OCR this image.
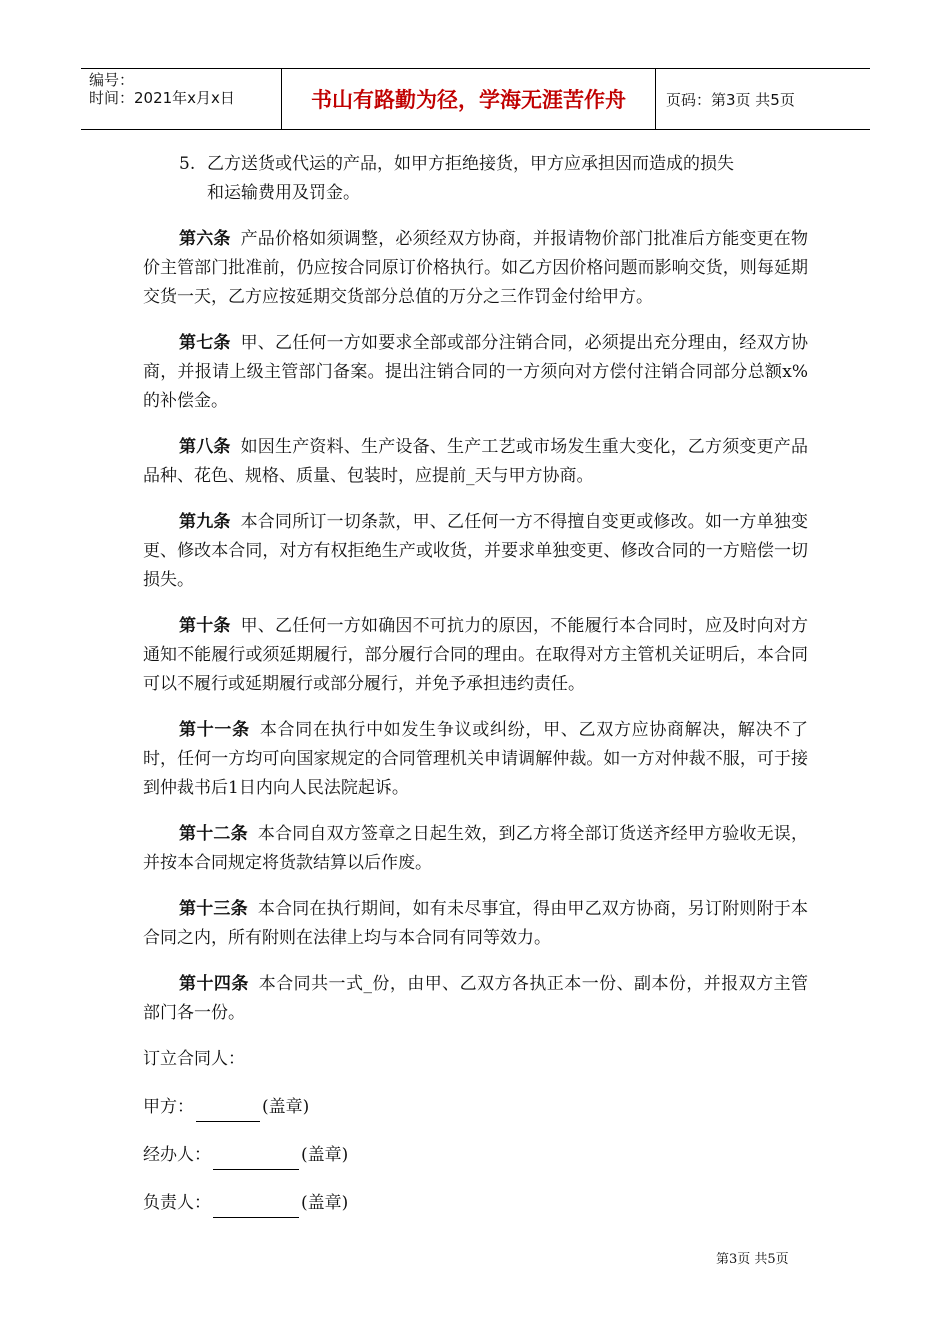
编号：
时间：2021年x月x日	书山有路勤为径，学海无涯苦作舟	页码：第3页 共5页
5. 乙方送货或代运的产品，如甲方拒绝接货，甲方应承担因而造成的损失
和运输费用及罚金。

第六条 产品价格如须调整，必须经双方协商，并报请物价部门批准后方能变更在物价主管部门批准前，仍应按合同原订价格执行。如乙方因价格问题而影响交货，则每延期交货一天，乙方应按延期交货部分总值的万分之三作罚金付给甲方。

第七条 甲、乙任何一方如要求全部或部分注销合同，必须提出充分理由，经双方协商，并报请上级主管部门备案。提出注销合同的一方须向对方偿付注销合同部分总额x%的补偿金。

第八条 如因生产资料、生产设备、生产工艺或市场发生重大变化，乙方须变更产品品种、花色、规格、质量、包装时，应提前_天与甲方协商。

第九条 本合同所订一切条款，甲、乙任何一方不得擅自变更或修改。如一方单独变更、修改本合同，对方有权拒绝生产或收货，并要求单独变更、修改合同的一方赔偿一切损失。

第十条 甲、乙任何一方如确因不可抗力的原因，不能履行本合同时，应及时向对方通知不能履行或须延期履行，部分履行合同的理由。在取得对方主管机关证明后，本合同可以不履行或延期履行或部分履行，并免予承担违约责任。

第十一条 本合同在执行中如发生争议或纠纷，甲、乙双方应协商解决，解决不了时，任何一方均可向国家规定的合同管理机关申请调解仲裁。如一方对仲裁不服，可于接到仲裁书后1日内向人民法院起诉。

第十二条 本合同自双方签章之日起生效，到乙方将全部订货送齐经甲方验收无误，并按本合同规定将货款结算以后作废。

第十三条 本合同在执行期间，如有未尽事宜，得由甲乙双方协商，另订附则附于本合同之内，所有附则在法律上均与本合同有同等效力。

第十四条 本合同共一式_份，由甲、乙双方各执正本一份、副本份，并报双方主管部门各一份。

订立合同人：
甲方：	(盖章)
经办人：	(盖章)
负责人：	(盖章)
第3页 共5页
